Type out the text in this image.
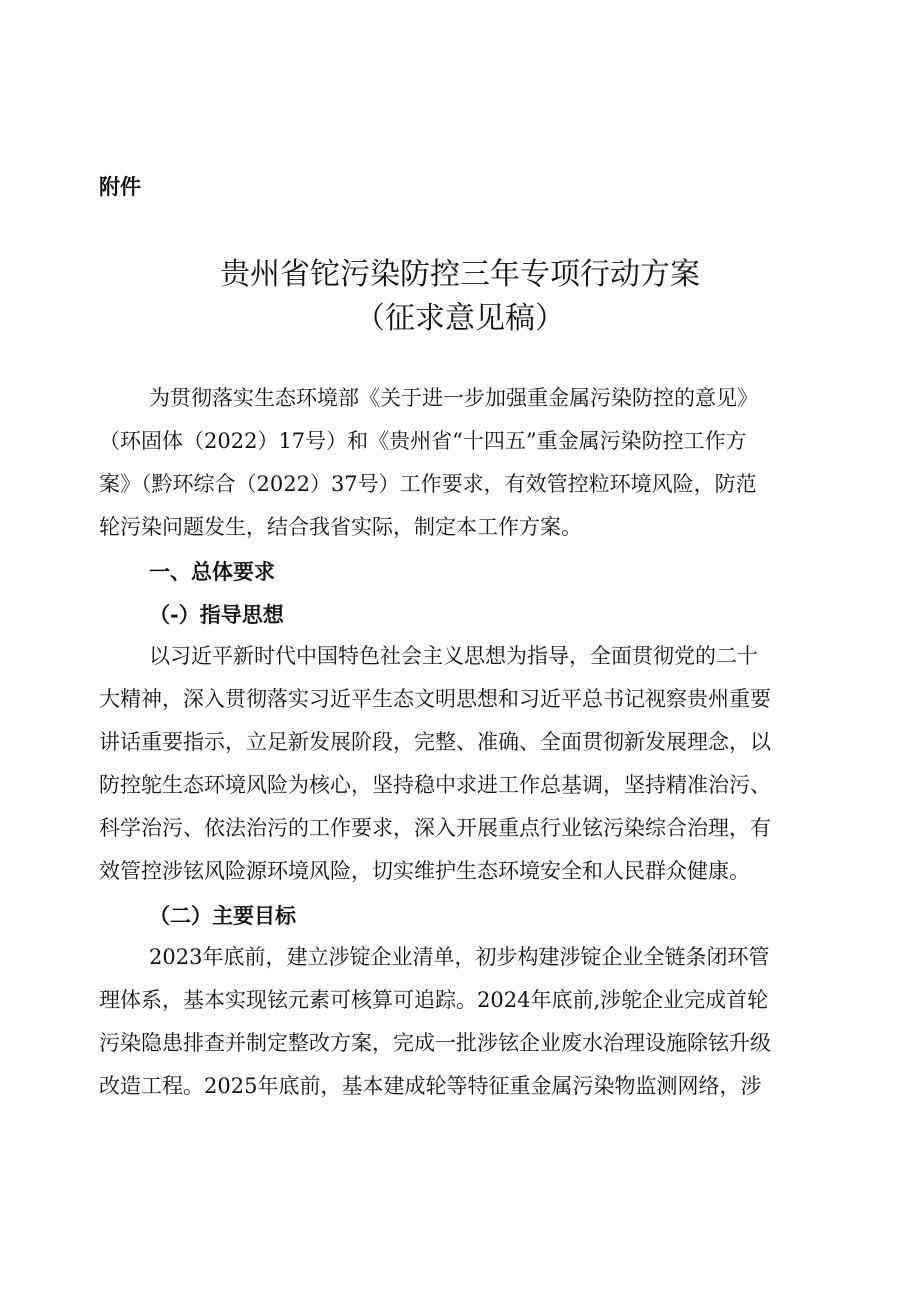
附件
贵州省铊污染防控三年专项行动方案
（征求意见稿）
为贯彻落实生态环境部《关于进一步加强重金属污染防控的意见》
（环固体（2022）17号）和《贵州省“十四五”重金属污染防控工作方
案》（黔环综合（2022）37号）工作要求，有效管控粒环境风险，防范
轮污染问题发生，结合我省实际，制定本工作方案。
一、总体要求
（-）指导思想
以习近平新时代中国特色社会主义思想为指导，全面贯彻党的二十
大精神，深入贯彻落实习近平生态文明思想和习近平总书记视察贵州重要
讲话重要指示，立足新发展阶段，完整、准确、全面贯彻新发展理念，以
防控鸵生态环境风险为核心，坚持稳中求进工作总基调，坚持精准治污、
科学治污、依法治污的工作要求，深入开展重点行业铉污染综合治理，有
效管控涉铉风险源环境风险，切实维护生态环境安全和人民群众健康。
（二）主要目标
2023年底前，建立涉锭企业清单，初步构建涉锭企业全链条闭环管
理体系，基本实现铉元素可核算可追踪。2024年底前,涉鸵企业完成首轮
污染隐患排查并制定整改方案，完成一批涉铉企业废水治理设施除铉升级
改造工程。2025年底前，基本建成轮等特征重金属污染物监测网络，涉
